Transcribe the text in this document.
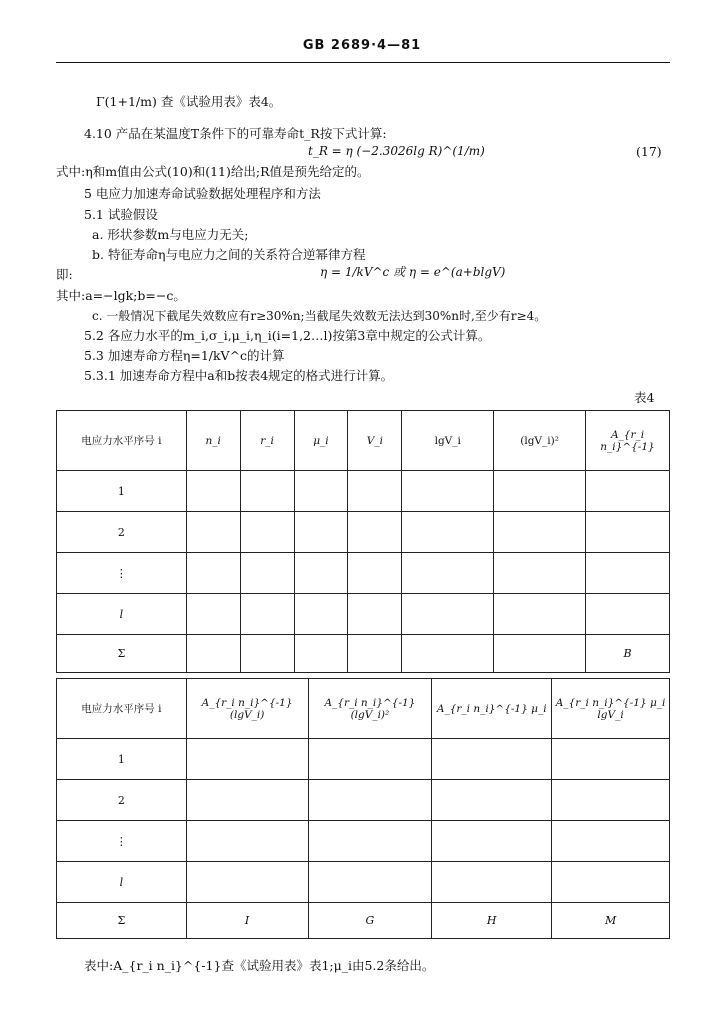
GB 2689·4—81
Γ(1+1/m) 查《试验用表》表4。
4.10 产品在某温度T条件下的可靠寿命t_R按下式计算:
t_R = η (−2.3026lg R)^(1/m)	(17)
式中:η和m值由公式(10)和(11)给出;R值是预先给定的。
5 电应力加速寿命试验数据处理程序和方法
5.1 试验假设
a. 形状参数m与电应力无关;
b. 特征寿命η与电应力之间的关系符合逆幂律方程
即:	η = 1/kV^c 或 η = e^(a+blgV)
其中:a=−lgk;b=−c。
c. 一般情况下截尾失效数应有r≥30%n;当截尾失效数无法达到30%n时,至少有r≥4。
5.2 各应力水平的m_i,σ_i,μ_i,η_i(i=1,2…l)按第3章中规定的公式计算。
5.3 加速寿命方程η=1/kV^c的计算
5.3.1 加速寿命方程中a和b按表4规定的格式进行计算。
表4
电应力水平序号 i	n_i	r_i	μ_i	V_i	lgV_i	(lgV_i)²	A_{r_i n_i}^{-1}
1							
2							
⋮							
l							
Σ							B
电应力水平序号 i	A_{r_i n_i}^{-1}(lgV_i)	A_{r_i n_i}^{-1}(lgV_i)²	A_{r_i n_i}^{-1} μ_i	A_{r_i n_i}^{-1} μ_i lgV_i
1				
2				
⋮				
l				
Σ	I	G	H	M
表中:A_{r_i n_i}^{-1}查《试验用表》表1;μ_i由5.2条给出。
